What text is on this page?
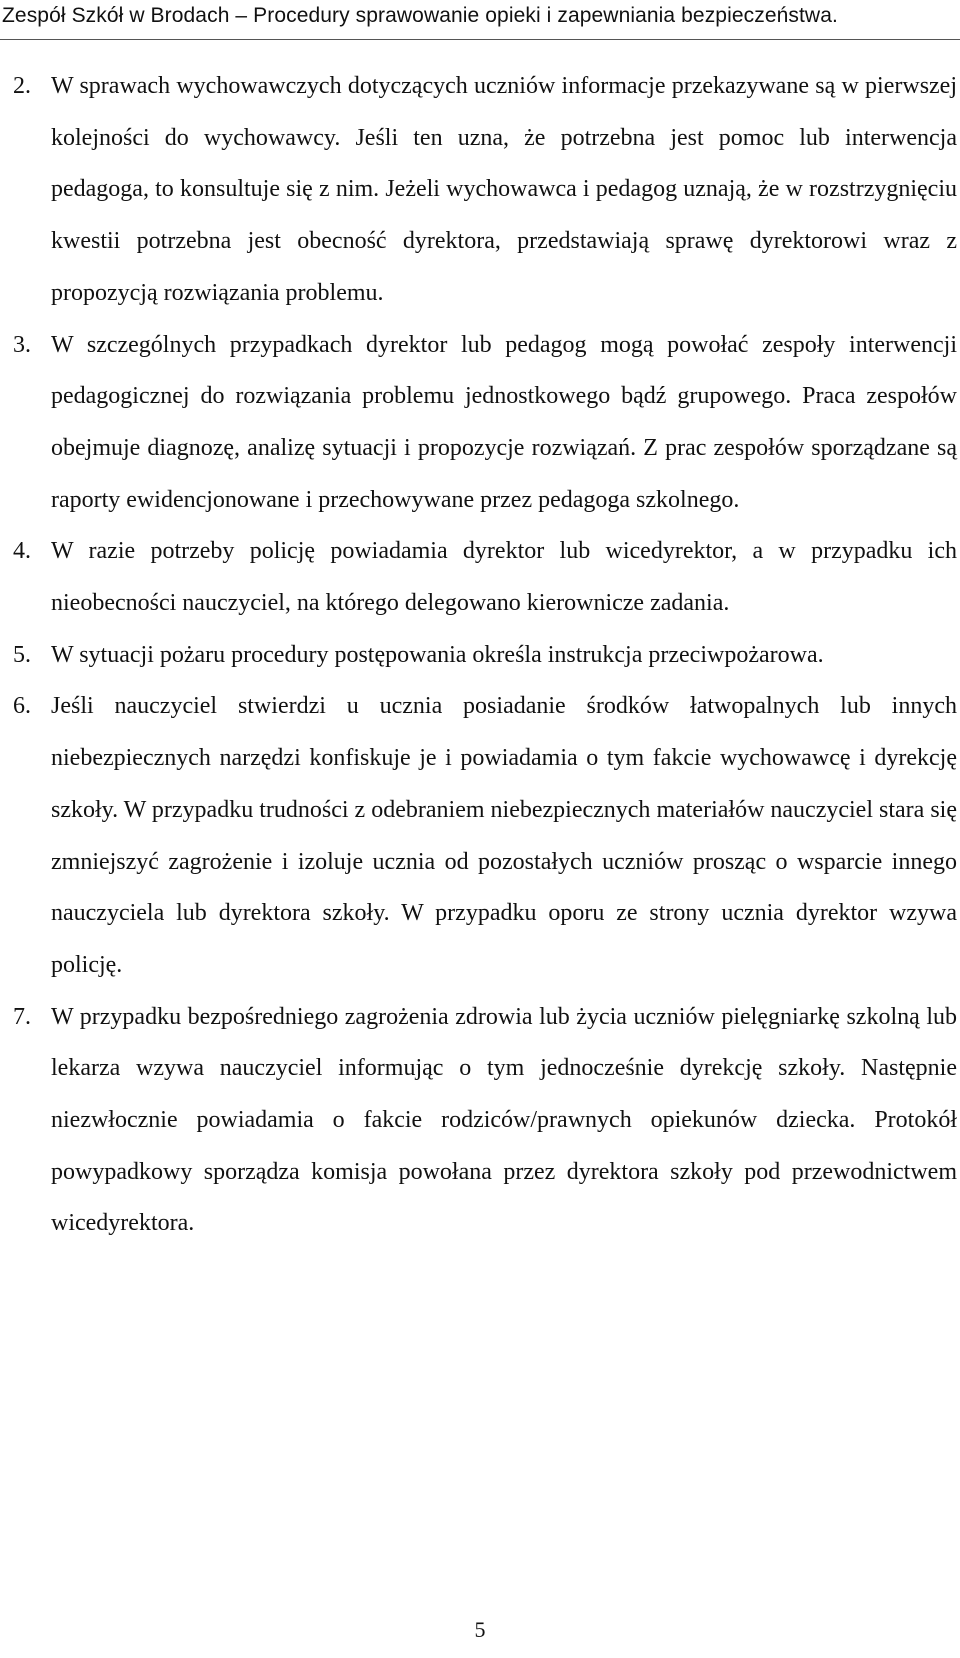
Zespół Szkół w Brodach – Procedury sprawowanie opieki i zapewniania bezpieczeństwa.
2. W sprawach wychowawczych dotyczących uczniów informacje przekazywane są w pierwszej kolejności do wychowawcy. Jeśli ten uzna, że potrzebna jest pomoc lub interwencja pedagoga, to konsultuje się z nim. Jeżeli wychowawca i pedagog uznają, że w rozstrzygnięciu kwestii potrzebna jest obecność dyrektora, przedstawiają sprawę dyrektorowi wraz z propozycją rozwiązania problemu.
3. W szczególnych przypadkach dyrektor lub pedagog mogą powołać zespoły interwencji pedagogicznej do rozwiązania problemu jednostkowego bądź grupowego. Praca zespołów obejmuje diagnozę, analizę sytuacji i propozycje rozwiązań. Z prac zespołów sporządzane są raporty ewidencjonowane i przechowywane przez pedagoga szkolnego.
4. W razie potrzeby policję powiadamia dyrektor lub wicedyrektor, a w przypadku ich nieobecności nauczyciel, na którego delegowano kierownicze zadania.
5. W sytuacji pożaru procedury postępowania określa instrukcja przeciwpożarowa.
6. Jeśli nauczyciel stwierdzi u ucznia posiadanie środków łatwopalnych lub innych niebezpiecznych narzędzi konfiskuje je i powiadamia o tym fakcie wychowawcę i dyrekcję szkoły. W przypadku trudności z odebraniem niebezpiecznych materiałów nauczyciel stara się zmniejszyć zagrożenie i izoluje ucznia od pozostałych uczniów prosząc o wsparcie innego nauczyciela lub dyrektora szkoły. W przypadku oporu ze strony ucznia dyrektor wzywa policję.
7. W przypadku bezpośredniego zagrożenia zdrowia lub życia uczniów pielęgniarkę szkolną lub lekarza wzywa nauczyciel informując o tym jednocześnie dyrekcję szkoły. Następnie niezwłocznie powiadamia o fakcie rodziców/prawnych opiekunów dziecka. Protokół powypadkowy sporządza komisja powołana przez dyrektora szkoły pod przewodnictwem wicedyrektora.
5
